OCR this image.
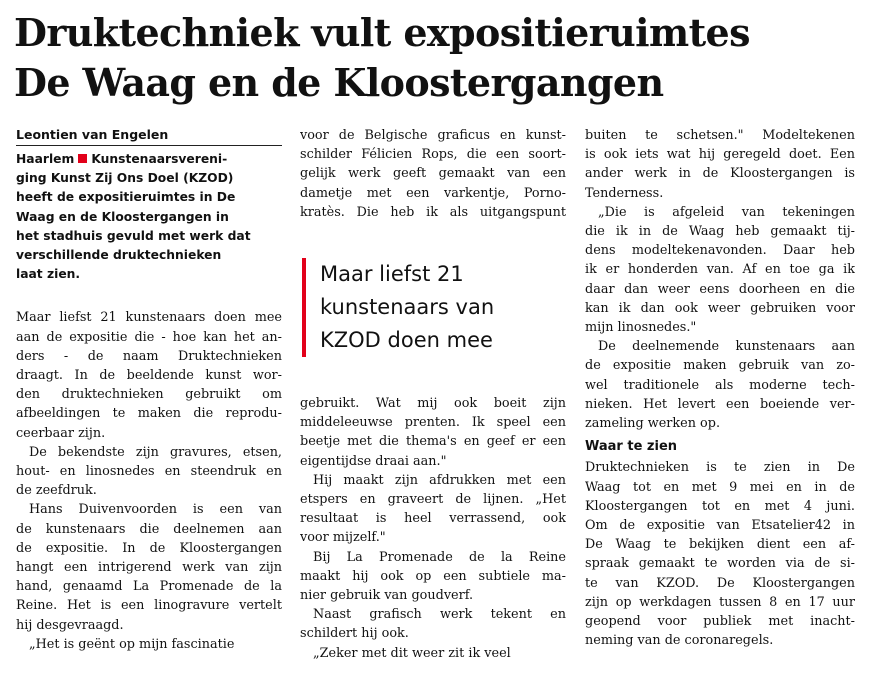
Druktechniek vult expositieruimtes
De Waag en de Kloostergangen
Leontien van Engelen
Haarlem Kunstenaarsvereni-
ging Kunst Zij Ons Doel (KZOD)
heeft de expositieruimtes in De
Waag en de Kloostergangen in
het stadhuis gevuld met werk dat
verschillende druktechnieken
laat zien.
Maar liefst 21 kunstenaars doen mee
aan de expositie die - hoe kan het an-
ders - de naam Druktechnieken
draagt. In de beeldende kunst wor-
den druktechnieken gebruikt om
afbeeldingen te maken die reprodu-
ceerbaar zijn.
De bekendste zijn gravures, etsen,
hout- en linosnedes en steendruk en
de zeefdruk.
Hans Duivenvoorden is een van
de kunstenaars die deelnemen aan
de expositie. In de Kloostergangen
hangt een intrigerend werk van zijn
hand, genaamd La Promenade de la
Reine. Het is een linogravure vertelt
hij desgevraagd.
„Het is geënt op mijn fascinatie
voor de Belgische graficus en kunst-
schilder Félicien Rops, die een soort-
gelijk werk geeft gemaakt van een
dametje met een varkentje, Porno-
kratès. Die heb ik als uitgangspunt
Maar liefst 21
kunstenaars van
KZOD doen mee
gebruikt. Wat mij ook boeit zijn
middeleeuwse prenten. Ik speel een
beetje met die thema's en geef er een
eigentijdse draai aan."
Hij maakt zijn afdrukken met een
etspers en graveert de lijnen. „Het
resultaat is heel verrassend, ook
voor mijzelf."
Bij La Promenade de la Reine
maakt hij ook op een subtiele ma-
nier gebruik van goudverf.
Naast grafisch werk tekent en
schildert hij ook.
„Zeker met dit weer zit ik veel
buiten te schetsen." Modeltekenen
is ook iets wat hij geregeld doet. Een
ander werk in de Kloostergangen is
Tenderness.
„Die is afgeleid van tekeningen
die ik in de Waag heb gemaakt tij-
dens modeltekenavonden. Daar heb
ik er honderden van. Af en toe ga ik
daar dan weer eens doorheen en die
kan ik dan ook weer gebruiken voor
mijn linosnedes."
De deelnemende kunstenaars aan
de expositie maken gebruik van zo-
wel traditionele als moderne tech-
nieken. Het levert een boeiende ver-
zameling werken op.
Waar te zien
Druktechnieken is te zien in De
Waag tot en met 9 mei en in de
Kloostergangen tot en met 4 juni.
Om de expositie van Etsatelier42 in
De Waag te bekijken dient een af-
spraak gemaakt te worden via de si-
te van KZOD. De Kloostergangen
zijn op werkdagen tussen 8 en 17 uur
geopend voor publiek met inacht-
neming van de coronaregels.
